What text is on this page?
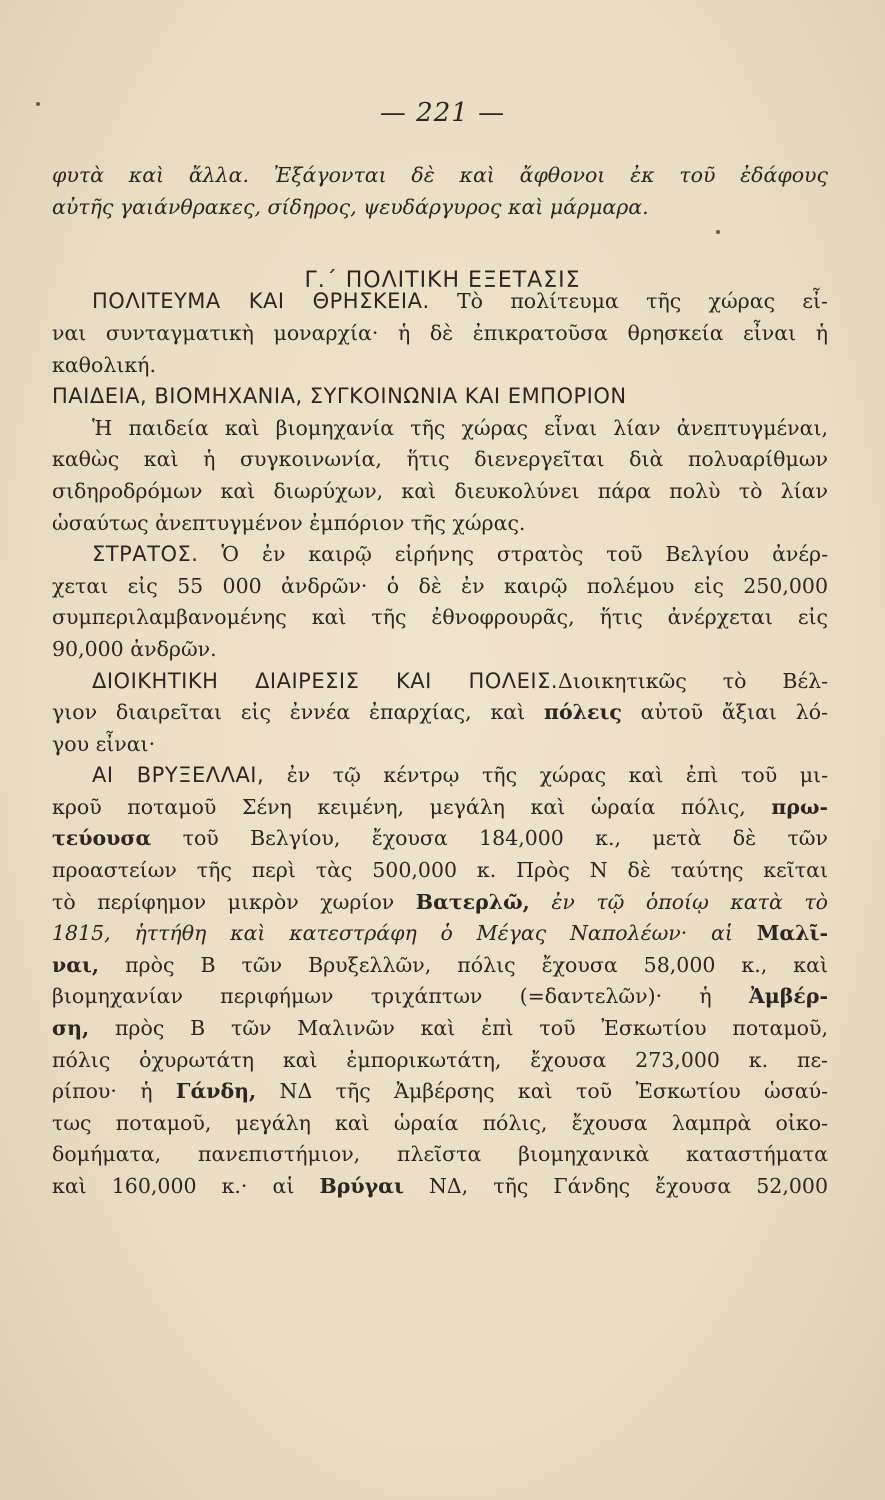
— 221 —
Γ.΄ ΠΟΛΙΤΙΚΗ ΕΞΕΤΑΣΙΣ
φυτὰ καὶ ἄλλα. Ἐξάγονται δὲ καὶ ἄφθονοι ἐκ τοῦ ἐδάφους
αὐτῆς γαιάνθρακες, σίδηρος, ψευδάργυρος καὶ μάρμαρα.

ΠΟΛΙΤΕΥΜΑ ΚΑΙ ΘΡΗΣΚΕΙΑ. Τὸ πολίτευμα τῆς χώρας εἶ-
ναι συνταγματικὴ μοναρχία· ἡ δὲ ἐπικρατοῦσα θρησκεία εἶναι ἡ
καθολική.
ΠΑΙΔΕΙΑ, ΒΙΟΜΗΧΑΝΙΑ, ΣΥΓΚΟΙΝΩΝΙΑ ΚΑΙ ΕΜΠΟΡΙΟΝ
Ἡ παιδεία καὶ βιομηχανία τῆς χώρας εἶναι λίαν ἀνεπτυγμέναι,
καθὼς καὶ ἡ συγκοινωνία, ἥτις διενεργεῖται διὰ πολυαρίθμων
σιδηροδρόμων καὶ διωρύχων, καὶ διευκολύνει πάρα πολὺ τὸ λίαν
ὡσαύτως ἀνεπτυγμένον ἐμπόριον τῆς χώρας.
ΣΤΡΑΤΟΣ. Ὁ ἐν καιρῷ εἰρήνης στρατὸς τοῦ Βελγίου ἀνέρ-
χεται εἰς 55 000 ἀνδρῶν· ὁ δὲ ἐν καιρῷ πολέμου εἰς 250,000
συμπεριλαμβανομένης καὶ τῆς ἐθνοφρουρᾶς, ἥτις ἀνέρχεται εἰς
90,000 ἀνδρῶν.
ΔΙΟΙΚΗΤΙΚΗ ΔΙΑΙΡΕΣΙΣ ΚΑΙ ΠΟΛΕΙΣ.Διοικητικῶς τὸ Βέλ-
γιον διαιρεῖται εἰς ἐννέα ἐπαρχίας, καὶ πόλεις αὐτοῦ ἄξιαι λό-
γου εἶναι·
ΑΙ ΒΡΥΞΕΛΛΑΙ, ἐν τῷ κέντρῳ τῆς χώρας καὶ ἐπὶ τοῦ μι-
κροῦ ποταμοῦ Σένη κειμένη, μεγάλη καὶ ὡραία πόλις, πρω-
τεύουσα τοῦ Βελγίου, ἔχουσα 184,000 κ., μετὰ δὲ τῶν
προαστείων τῆς περὶ τὰς 500,000 κ. Πρὸς Ν δὲ ταύτης κεῖται
τὸ περίφημον μικρὸν χωρίον Βατερλῶ, ἐν τῷ ὁποίῳ κατὰ τὸ
1815, ἡττήθη καὶ κατεστράφη ὁ Μέγας Ναπολέων· αἱ Μαλῖ-
ναι, πρὸς Β τῶν Βρυξελλῶν, πόλις ἔχουσα 58,000 κ., καὶ
βιομηχανίαν περιφήμων τριχάπτων (=δαντελῶν)· ἡ Ἀμβέρ-
ση, πρὸς Β τῶν Μαλινῶν καὶ ἐπὶ τοῦ Ἐσκωτίου ποταμοῦ,
πόλις ὀχυρωτάτη καὶ ἐμπορικωτάτη, ἔχουσα 273,000 κ. πε-
ρίπου· ἡ Γάνδη, ΝΔ τῆς Ἀμβέρσης καὶ τοῦ Ἐσκωτίου ὡσαύ-
τως ποταμοῦ, μεγάλη καὶ ὡραία πόλις, ἔχουσα λαμπρὰ οἰκο-
δομήματα, πανεπιστήμιον, πλεῖστα βιομηχανικὰ καταστήματα
καὶ 160,000 κ.· αἱ Βρύγαι ΝΔ, τῆς Γάνδης ἔχουσα 52,000
